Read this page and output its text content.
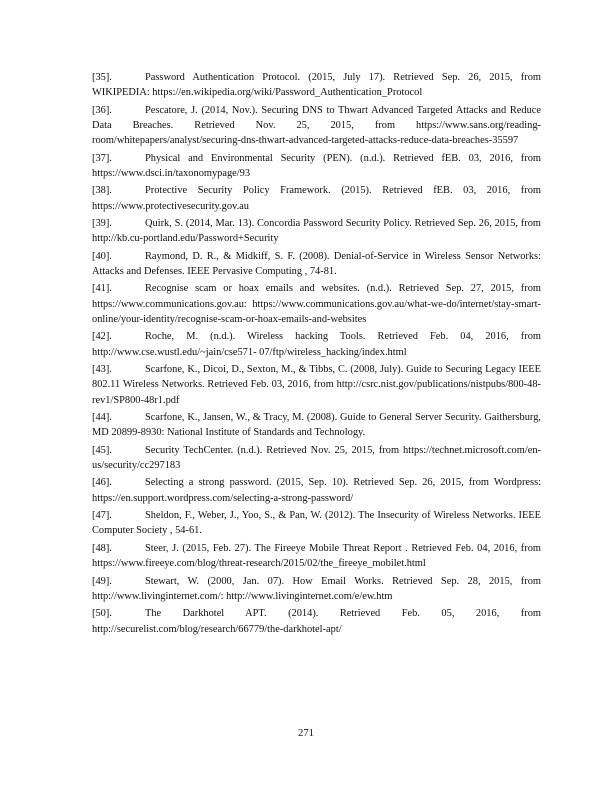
[35].	Password Authentication Protocol. (2015, July 17). Retrieved Sep. 26, 2015, from WIKIPEDIA: https://en.wikipedia.org/wiki/Password_Authentication_Protocol
[36].	Pescatore, J. (2014, Nov.). Securing DNS to Thwart Advanced Targeted Attacks and Reduce Data Breaches. Retrieved Nov. 25, 2015, from https://www.sans.org/reading-room/whitepapers/analyst/securing-dns-thwart-advanced-targeted-attacks-reduce-data-breaches-35597
[37].	Physical and Environmental Security (PEN). (n.d.). Retrieved fEB. 03, 2016, from https://www.dsci.in/taxonomypage/93
[38].	Protective Security Policy Framework. (2015). Retrieved fEB. 03, 2016, from https://www.protectivesecurity.gov.au
[39].	Quirk, S. (2014, Mar. 13). Concordia Password Security Policy. Retrieved Sep. 26, 2015, from http://kb.cu-portland.edu/Password+Security
[40].	Raymond, D. R., & Midkiff, S. F. (2008). Denial-of-Service in Wireless Sensor Networks: Attacks and Defenses. IEEE Pervasive Computing , 74-81.
[41].	Recognise scam or hoax emails and websites. (n.d.). Retrieved Sep. 27, 2015, from https://www.communications.gov.au: https://www.communications.gov.au/what-we-do/internet/stay-smart-online/your-identity/recognise-scam-or-hoax-emails-and-websites
[42].	Roche, M. (n.d.). Wireless hacking Tools. Retrieved Feb. 04, 2016, from http://www.cse.wustl.edu/~jain/cse571- 07/ftp/wireless_hacking/index.html
[43].	Scarfone, K., Dicoi, D., Sexton, M., & Tibbs, C. (2008, July). Guide to Securing Legacy IEEE 802.11 Wireless Networks. Retrieved Feb. 03, 2016, from http://csrc.nist.gov/publications/nistpubs/800-48-rev1/SP800-48r1.pdf
[44].	Scarfone, K., Jansen, W., & Tracy, M. (2008). Guide to General Server Security. Gaithersburg, MD 20899-8930: National Institute of Standards and Technology.
[45].	Security TechCenter. (n.d.). Retrieved Nov. 25, 2015, from https://technet.microsoft.com/en-us/security/cc297183
[46].	Selecting a strong password. (2015, Sep. 10). Retrieved Sep. 26, 2015, from Wordpress: https://en.support.wordpress.com/selecting-a-strong-password/
[47].	Sheldon, F., Weber, J., Yoo, S., & Pan, W. (2012). The Insecurity of Wireless Networks. IEEE Computer Society , 54-61.
[48].	Steer, J. (2015, Feb. 27). The Fireeye Mobile Threat Report . Retrieved Feb. 04, 2016, from https://www.fireeye.com/blog/threat-research/2015/02/the_fireeye_mobilet.html
[49].	Stewart, W. (2000, Jan. 07). How Email Works. Retrieved Sep. 28, 2015, from http://www.livinginternet.com/: http://www.livinginternet.com/e/ew.htm
[50].	The Darkhotel APT. (2014). Retrieved Feb. 05, 2016, from http://securelist.com/blog/research/66779/the-darkhotel-apt/
271
